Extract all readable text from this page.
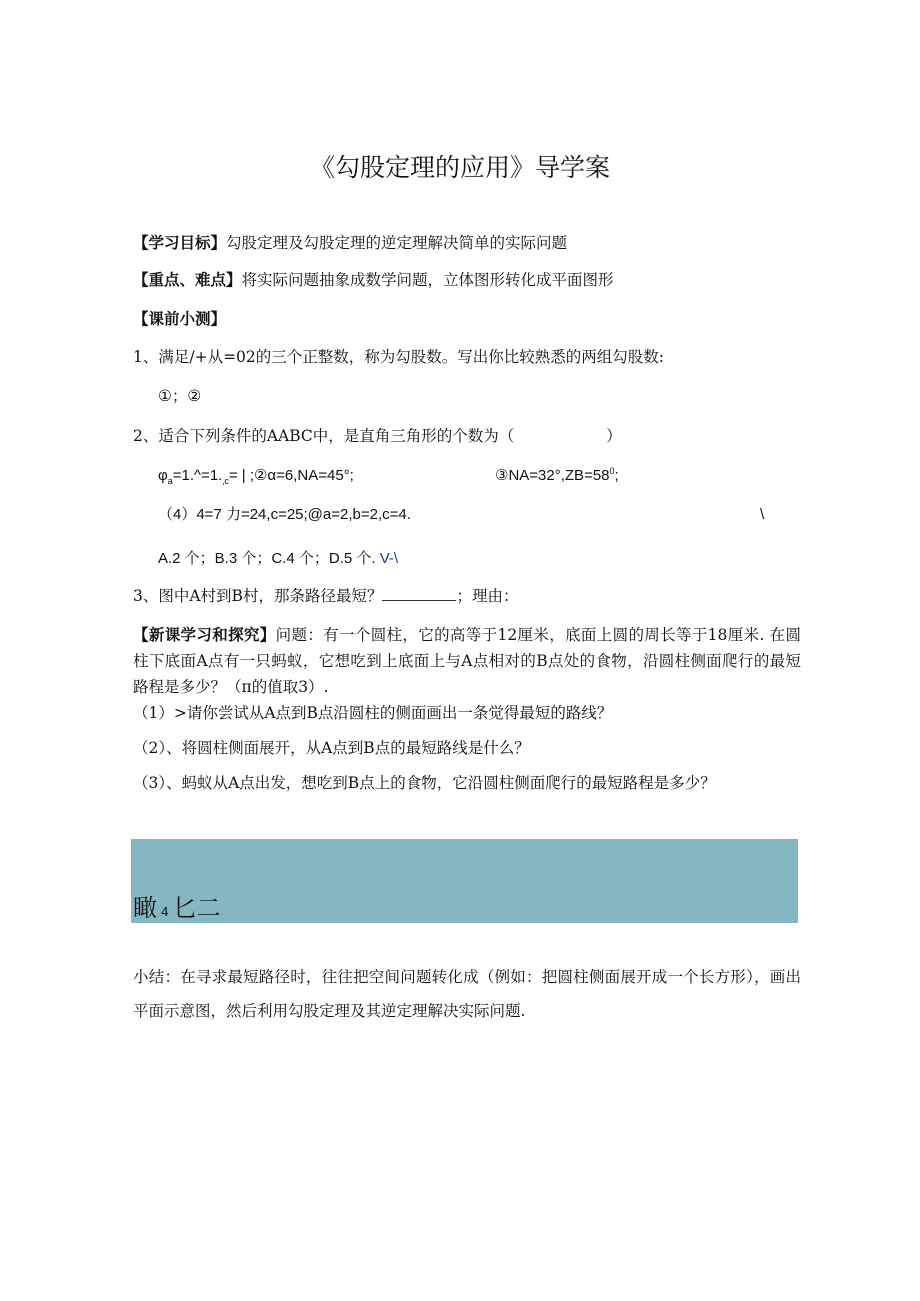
《勾股定理的应用》导学案
【学习目标】勾股定理及勾股定理的逆定理解决简单的实际问题
【重点、难点】将实际问题抽象成数学问题，立体图形转化成平面图形
【课前小测】
1、满足/+从=02的三个正整数，称为勾股数。写出你比较熟悉的两组勾股数:
①；②
2、适合下列条件的AABC中，是直角三角形的个数为（	）
$\varphi_a=1.\^{}=1._{‚c}=$ | ;②α=6,NA=45°;	$③NA=32^\circ,ZB=58^0$;
（4）4=7 力=24,c=25;@a=2,b=2,c=4.	\
A.2 个；B.3 个；C.4 个；D.5 个. V-\
3、图中A村到B村，那条路径最短？	；理由：
【新课学习和探究】问题：有一个圆柱，它的高等于12厘米，底面上圆的周长等于18厘米. 在圆柱下底面A点有一只蚂蚁，它想吃到上底面上与A点相对的B点处的食物，沿圆柱侧面爬行的最短路程是多少？（π的值取3）.
（1）>请你尝试从A点到B点沿圆柱的侧面画出一条觉得最短的路线？
（2）、将圆柱侧面展开，从A点到B点的最短路线是什么？
（3）、蚂蚁从A点出发，想吃到B点上的食物，它沿圆柱侧面爬行的最短路程是多少？
瞰 4 匕二
小结：在寻求最短路径时，往往把空间问题转化成（例如：把圆柱侧面展开成一个长方形），画出平面示意图，然后利用勾股定理及其逆定理解决实际问题.
